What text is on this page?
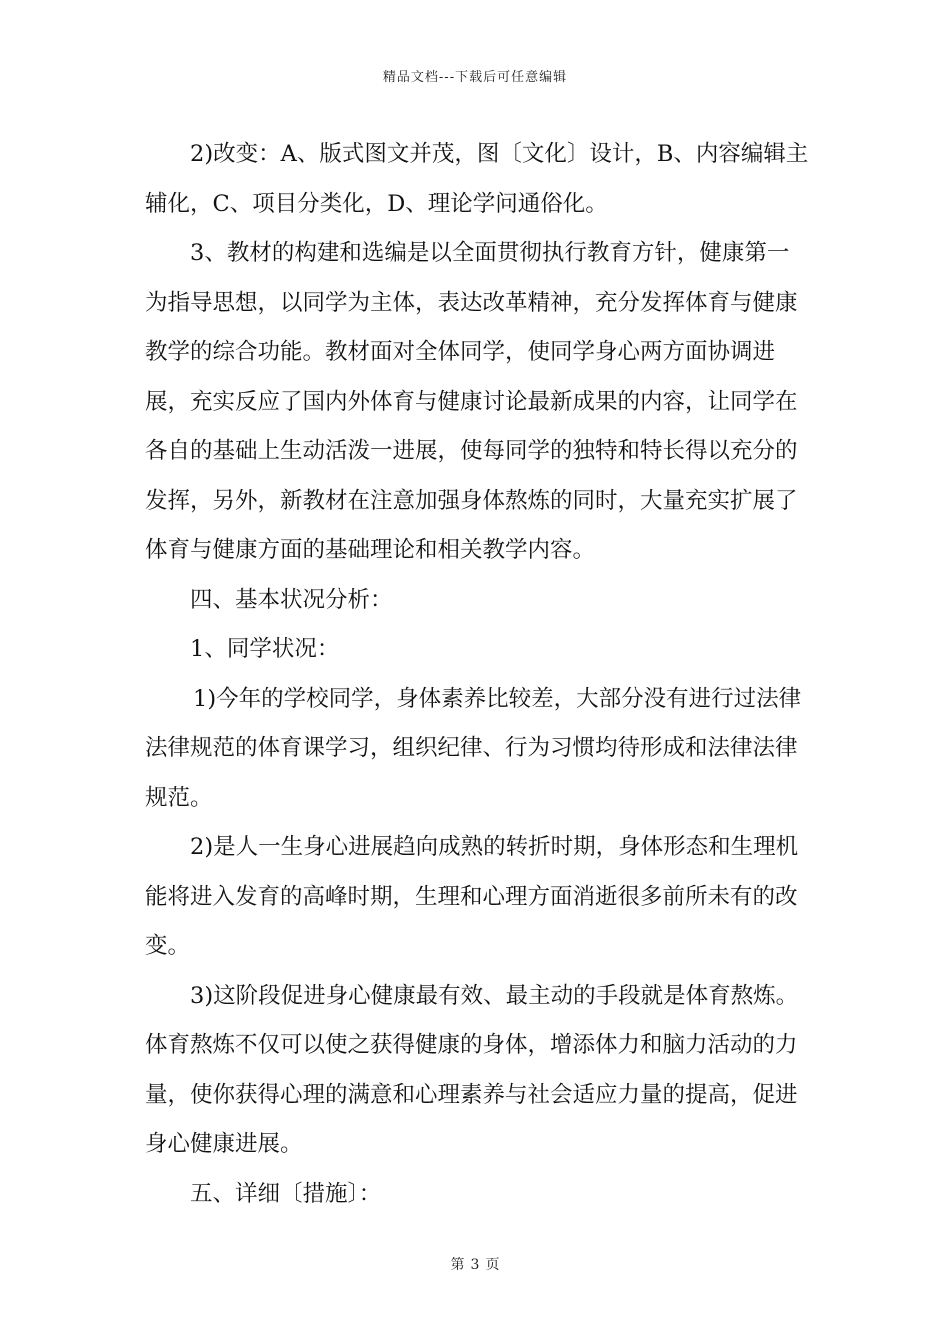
精品文档---下载后可任意编辑

2)改变：A、版式图文并茂，图〔文化〕设计，B、内容编辑主辅化，C、项目分类化，D、理论学问通俗化。

3、教材的构建和选编是以全面贯彻执行教育方针，健康第一为指导思想，以同学为主体，表达改革精神，充分发挥体育与健康教学的综合功能。教材面对全体同学，使同学身心两方面协调进展，充实反应了国内外体育与健康讨论最新成果的内容，让同学在各自的基础上生动活泼一进展，使每同学的独特和特长得以充分的发挥，另外，新教材在注意加强身体熬炼的同时，大量充实扩展了体育与健康方面的基础理论和相关教学内容。

四、基本状况分析：

1、同学状况：

1)今年的学校同学，身体素养比较差，大部分没有进行过法律法律规范的体育课学习，组织纪律、行为习惯均待形成和法律法律规范。

2)是人一生身心进展趋向成熟的转折时期，身体形态和生理机能将进入发育的高峰时期，生理和心理方面消逝很多前所未有的改变。

3)这阶段促进身心健康最有效、最主动的手段就是体育熬炼。体育熬炼不仅可以使之获得健康的身体，增添体力和脑力活动的力量，使你获得心理的满意和心理素养与社会适应力量的提高，促进身心健康进展。

五、详细〔措施〕：

第 3 页
